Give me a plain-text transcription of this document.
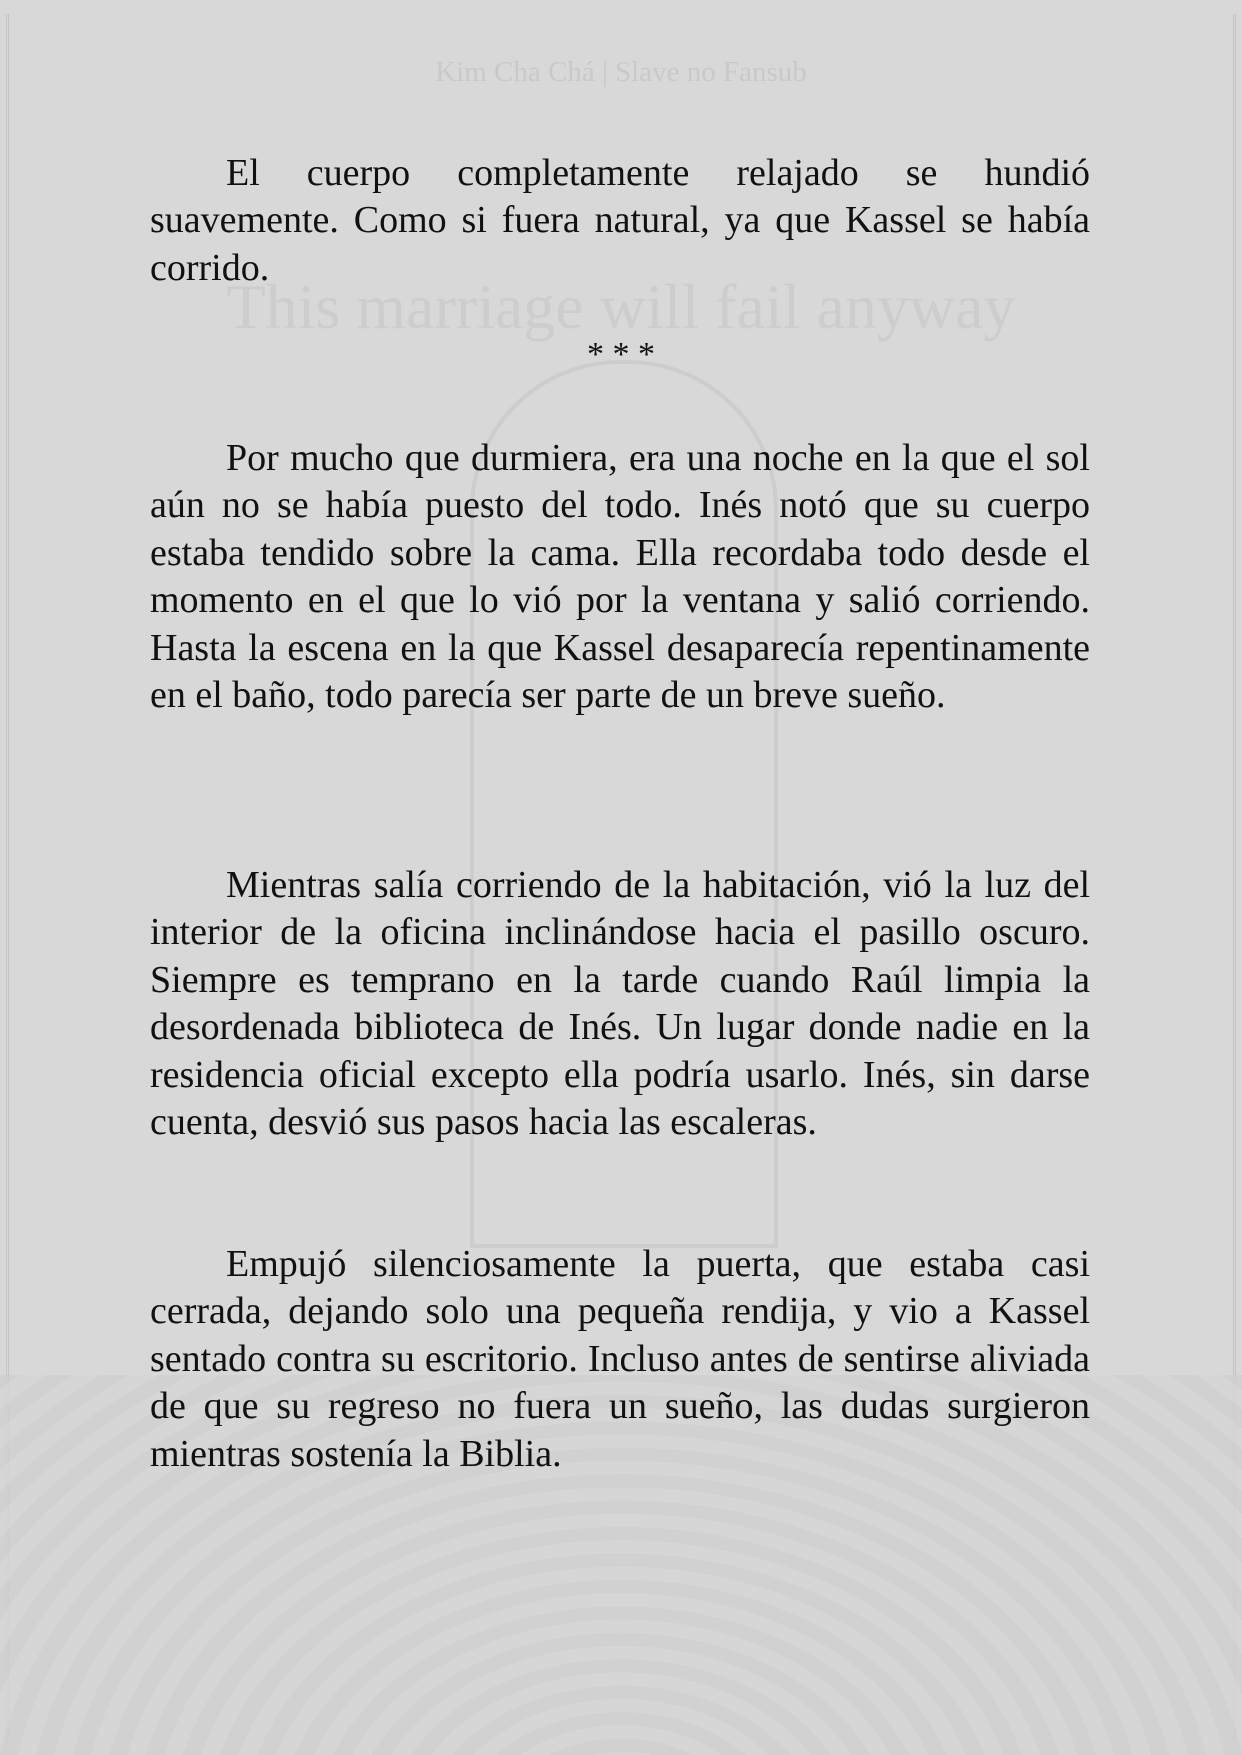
Kim Cha Chá | Slave no Fansub
This marriage will fail anyway

El cuerpo completamente relajado se hundió suavemente. Como si fuera natural, ya que Kassel se había corrido.

* * *

Por mucho que durmiera, era una noche en la que el sol aún no se había puesto del todo. Inés notó que su cuerpo estaba tendido sobre la cama. Ella recordaba todo desde el momento en el que lo vió por la ventana y salió corriendo. Hasta la escena en la que Kassel desaparecía repentinamente en el baño, todo parecía ser parte de un breve sueño.

Mientras salía corriendo de la habitación, vió la luz del interior de la oficina inclinándose hacia el pasillo oscuro. Siempre es temprano en la tarde cuando Raúl limpia la desordenada biblioteca de Inés. Un lugar donde nadie en la residencia oficial excepto ella podría usarlo. Inés, sin darse cuenta, desvió sus pasos hacia las escaleras.

Empujó silenciosamente la puerta, que estaba casi cerrada, dejando solo una pequeña rendija, y vio a Kassel sentado contra su escritorio. Incluso antes de sentirse aliviada de que su regreso no fuera un sueño, las dudas surgieron mientras sostenía la Biblia.
